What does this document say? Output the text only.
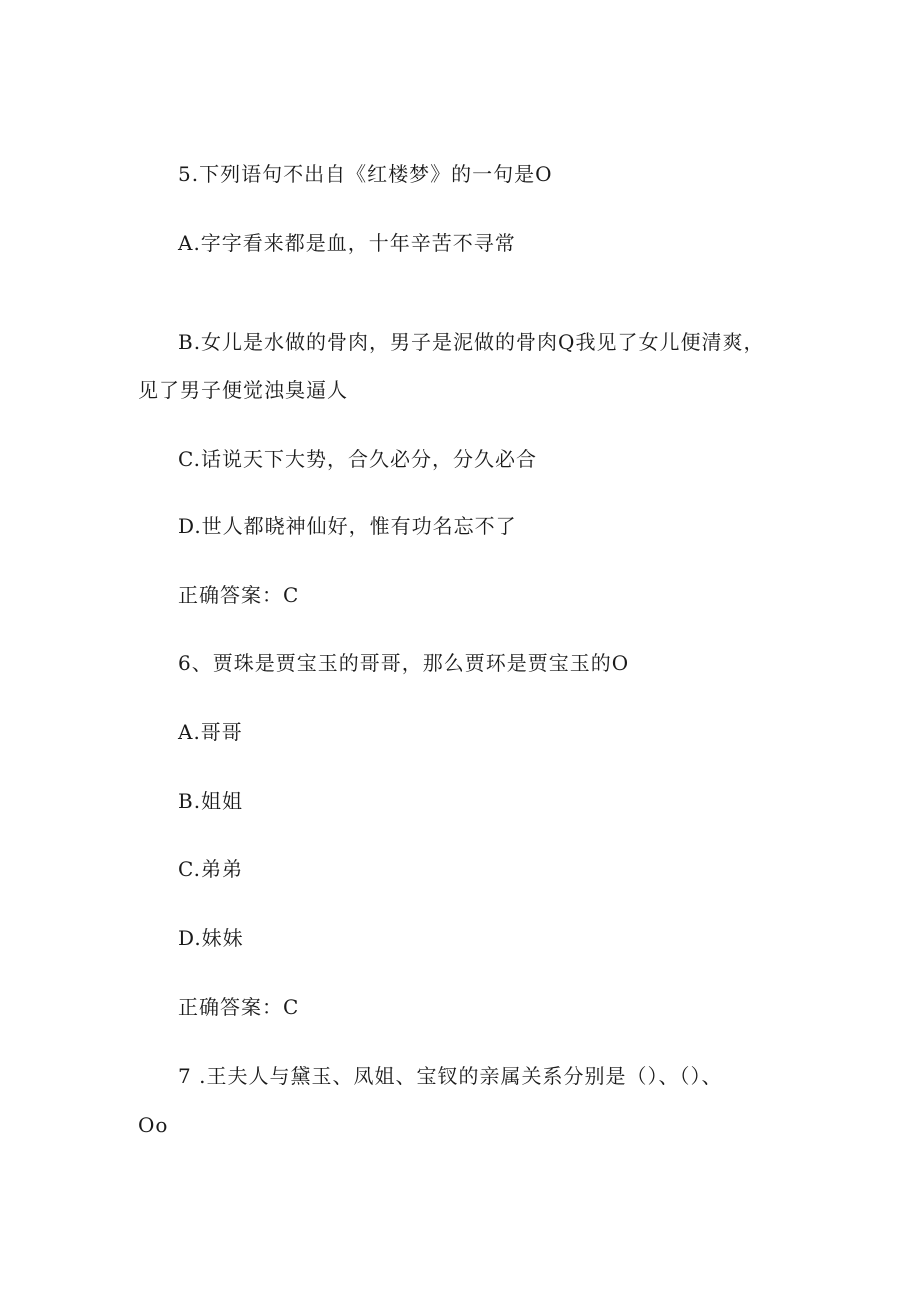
5.下列语句不出自《红楼梦》的一句是O
A.字字看来都是血，十年辛苦不寻常
B.女儿是水做的骨肉，男子是泥做的骨肉Q我见了女儿便清爽，
见了男子便觉浊臭逼人
C.话说天下大势，合久必分，分久必合
D.世人都晓神仙好，惟有功名忘不了
正确答案：C
6、贾珠是贾宝玉的哥哥，那么贾环是贾宝玉的O
A.哥哥
B.姐姐
C.弟弟
D.妹妹
正确答案：C
7 .王夫人与黛玉、凤姐、宝钗的亲属关系分别是（）、（）、
Oo
